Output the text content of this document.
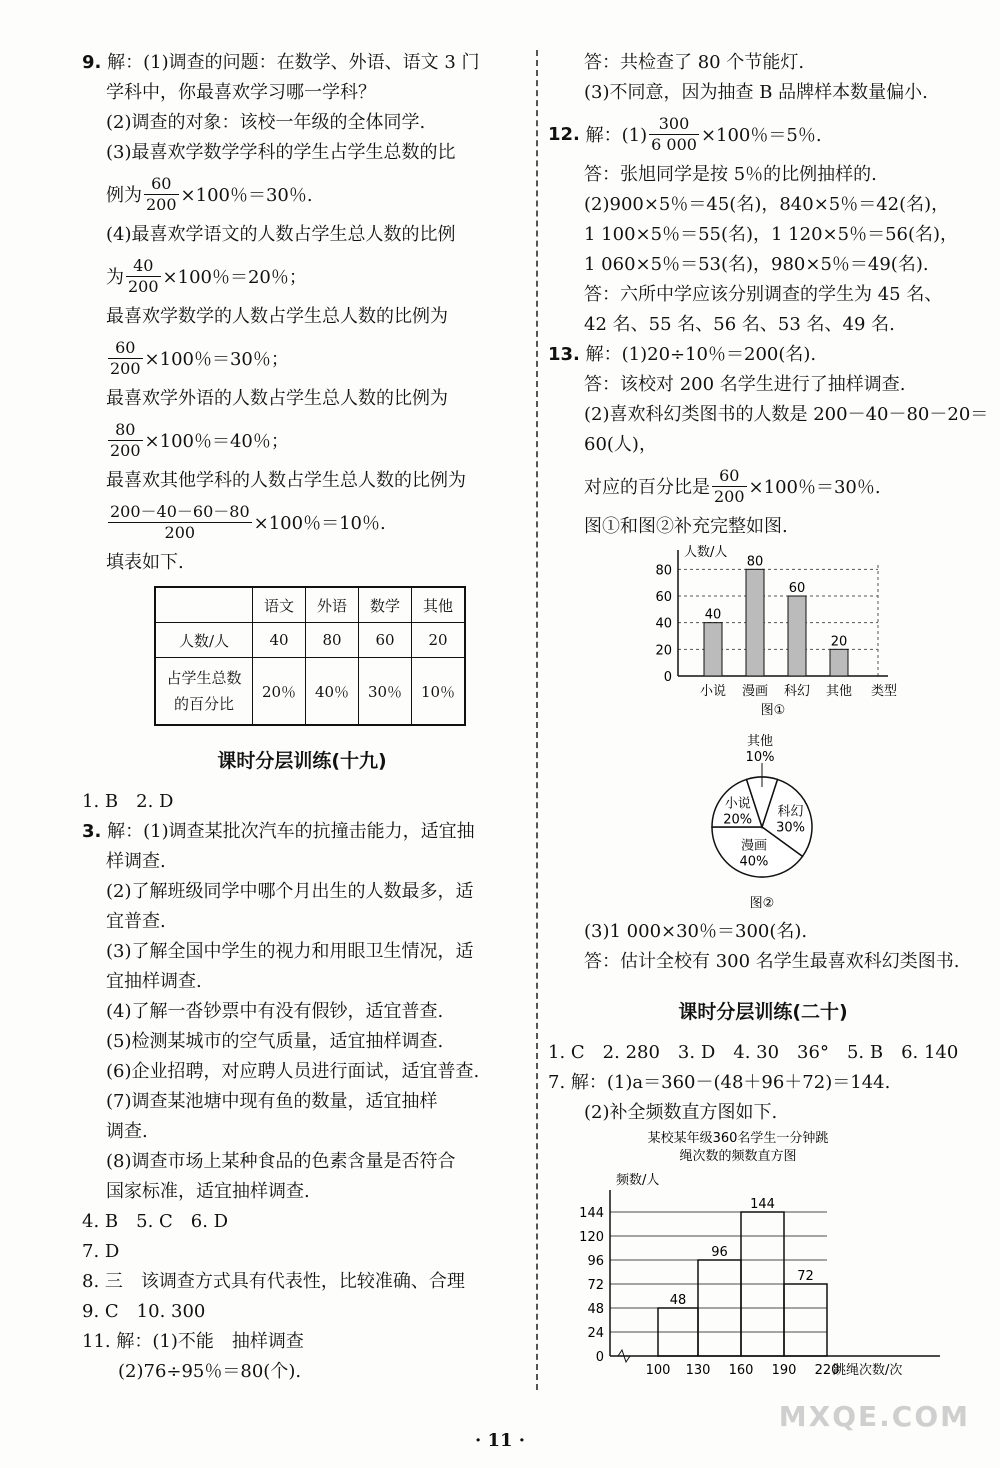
9. 解：(1)调查的问题：在数学、外语、语文 3 门
学科中，你最喜欢学习哪一学科？
(2)调查的对象：该校一年级的全体同学.
(3)最喜欢学数学学科的学生占学生总数的比
例为 $\frac{60}{200} \times 100$％＝30％.
(4)最喜欢学语文的人数占学生总人数的比例
为 $\frac{40}{200} \times 100$％＝20％；
最喜欢学数学的人数占学生总人数的比例为
$\frac{60}{200} \times 100$％＝30％；
最喜欢学外语的人数占学生总人数的比例为
$\frac{80}{200} \times 100$％＝40％；
最喜欢其他学科的人数占学生总人数的比例为
$\frac{200-40-60-80}{200} \times 100$％＝10％.
填表如下.
	语文	外语	数学	其他
人数/人	40	80	60	20
占学生总数
的百分比	20％	40％	30％	10％
课时分层训练(十九)
1. B　2. D
3. 解：(1)调查某批次汽车的抗撞击能力，适宜抽
样调查.
(2)了解班级同学中哪个月出生的人数最多，适
宜普查.
(3)了解全国中学生的视力和用眼卫生情况，适
宜抽样调查.
(4)了解一沓钞票中有没有假钞，适宜普查.
(5)检测某城市的空气质量，适宜抽样调查.
(6)企业招聘，对应聘人员进行面试，适宜普查.
(7)调查某池塘中现有鱼的数量，适宜抽样
调查.
(8)调查市场上某种食品的色素含量是否符合
国家标准，适宜抽样调查.
4. B　5. C　6. D
7. D
8. 三　该调查方式具有代表性，比较准确、合理
9. C　10. 300
11. 解：(1)不能　抽样调查
(2)76÷95％＝80(个).
答：共检查了 80 个节能灯.
(3)不同意，因为抽查 B 品牌样本数量偏小.
12.
解：$(1) \frac{300}{6 000} \times 100$％＝5％.
答：张旭同学是按 5％的比例抽样的.
(2)900×5％＝45(名)，840×5％＝42(名)，
1 100×5％＝55(名)，1 120×5％＝56(名)，
1 060×5％＝53(名)，980×5％＝49(名).
答：六所中学应该分别调查的学生为 45 名、
42 名、55 名、56 名、53 名、49 名.
13. 解：(1)20÷10％＝200(名).
答：该校对 200 名学生进行了抽样调查.
(2)喜欢科幻类图书的人数是 200－40－80－20＝
60(人)，
对应的百分比是 $\frac{60}{200} \times 100$％＝30％.
图①和图②补充完整如图.
0
20
40
60
80
人数/人
40
小说
80
漫画
60
科幻
20
其他 类型
图①
科幻
30%
漫画
40%
小说
20%
其他
10%
图②
(3)1 000×30％＝300(名).
答：估计全校有 300 名学生最喜欢科幻类图书.
课时分层训练(二十)
1. C　2. 280　3. D　4. 30　36°　5. B　6. 140
7. 解：(1)a＝360－(48＋96＋72)＝144.
(2)补全频数直方图如下.
某校某年级360名学生一分钟跳
绳次数的频数直方图
0
24
48
72
96
120
144
频数/人
48
96
144
72
100 130 160 190 220
跳绳次数/次
· 11 ·
MXQE.COM
